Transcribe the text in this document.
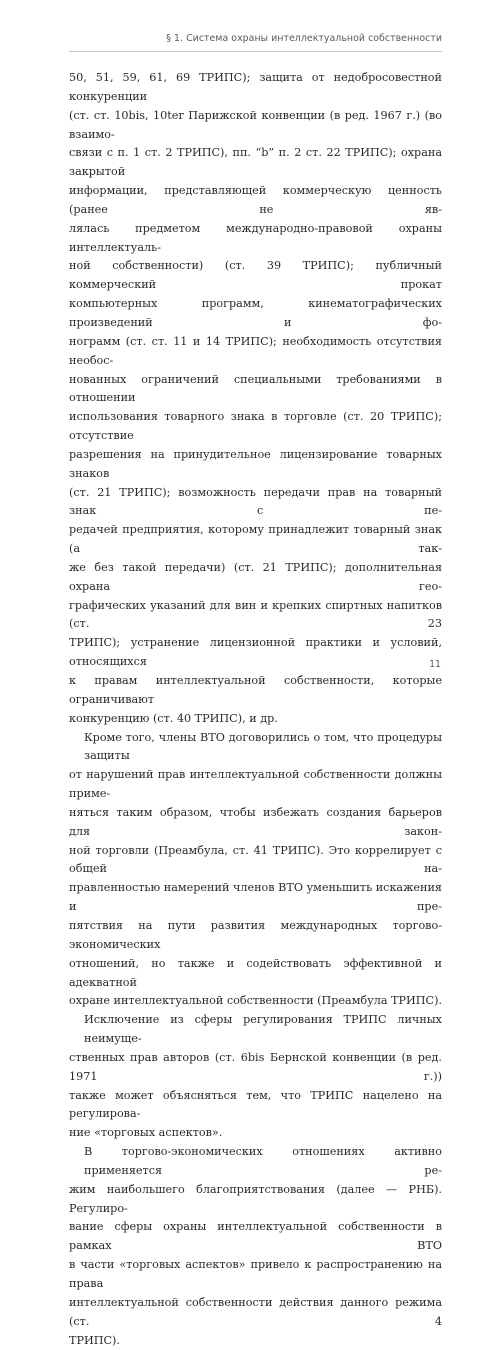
§ 1. Система охраны интеллектуальной собственности
50, 51, 59, 61, 69 ТРИПС); защита от недобросовестной конкуренции
(ст. ст. 10bis, 10ter Парижской конвенции (в ред. 1967 г.) (во взаимо-
связи с п. 1 ст. 2 ТРИПС), пп. “b” п. 2 ст. 22 ТРИПС); охрана закрытой
информации, представляющей коммерческую ценность (ранее не яв-
лялась предметом международно-правовой охраны интеллектуаль-
ной собственности) (ст. 39 ТРИПС); публичный коммерческий прокат
компьютерных программ, кинематографических произведений и фо-
нограмм (ст. ст. 11 и 14 ТРИПС); необходимость отсутствия необос-
нованных ограничений специальными требованиями в отношении
использования товарного знака в торговле (ст. 20 ТРИПС); отсутствие
разрешения на принудительное лицензирование товарных знаков
(ст. 21 ТРИПС); возможность передачи прав на товарный знак с пе-
редачей предприятия, которому принадлежит товарный знак (а так-
же без такой передачи) (ст. 21 ТРИПС); дополнительная охрана гео-
графических указаний для вин и крепких спиртных напитков (ст. 23
ТРИПС); устранение лицензионной практики и условий, относящихся
к правам интеллектуальной собственности, которые ограничивают
конкуренцию (ст. 40 ТРИПС), и др.
Кроме того, члены ВТО договорились о том, что процедуры защиты
от нарушений прав интеллектуальной собственности должны приме-
няться таким образом, чтобы избежать создания барьеров для закон-
ной торговли (Преамбула, ст. 41 ТРИПС). Это коррелирует с общей на-
правленностью намерений членов ВТО уменьшить искажения и пре-
пятствия на пути развития международных торгово-экономических
отношений, но также и содействовать эффективной и адекватной
охране интеллектуальной собственности (Преамбула ТРИПС).
Исключение из сферы регулирования ТРИПС личных неимуще-
ственных прав авторов (ст. 6bis Бернской конвенции (в ред. 1971 г.))
также может объясняться тем, что ТРИПС нацелено на регулирова-
ние «торговых аспектов».
В торгово-экономических отношениях активно применяется ре-
жим наибольшего благоприятствования (далее — РНБ). Регулиро-
вание сферы охраны интеллектуальной собственности в рамках ВТО
в части «торговых аспектов» привело к распространению на права
интеллектуальной собственности действия данного режима (ст. 4
ТРИПС).
11
